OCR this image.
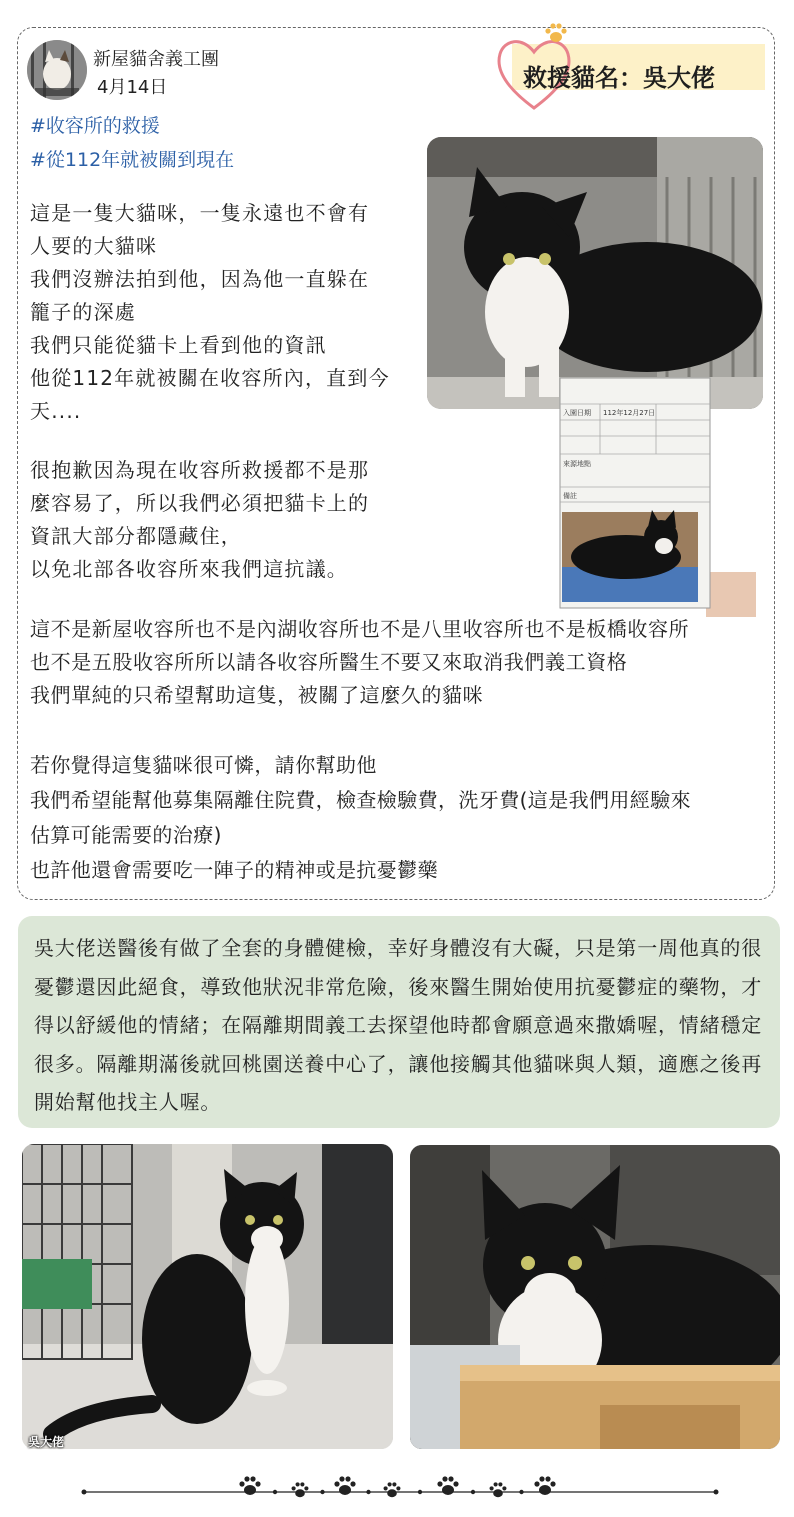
新屋貓舍義工團
4月14日
#收容所的救援
#從112年就被關到現在
救援貓名：吳大佬
這是一隻大貓咪，一隻永遠也不會有
人要的大貓咪
我們沒辦法拍到他，因為他一直躲在
籠子的深處
我們只能從貓卡上看到他的資訊
他從112年就被關在收容所內，直到今
天....
很抱歉因為現在收容所救援都不是那
麼容易了，所以我們必須把貓卡上的
資訊大部分都隱藏住，
以免北部各收容所來我們這抗議。
這不是新屋收容所也不是內湖收容所也不是八里收容所也不是板橋收容所
也不是五股收容所所以請各收容所醫生不要又來取消我們義工資格
我們單純的只希望幫助這隻，被關了這麼久的貓咪
若你覺得這隻貓咪很可憐，請你幫助他
我們希望能幫他募集隔離住院費，檢查檢驗費，洗牙費(這是我們用經驗來
估算可能需要的治療)
也許他還會需要吃一陣子的精神或是抗憂鬱藥
入園日期 112年12月27日
來源地點
備註
吳大佬送醫後有做了全套的身體健檢，幸好身體沒有大礙，只是第一周他真的很憂鬱還因此絕食，導致他狀況非常危險，後來醫生開始使用抗憂鬱症的藥物，才得以舒緩他的情緒；在隔離期間義工去探望他時都會願意過來撒嬌喔，情緒穩定很多。隔離期滿後就回桃園送養中心了，讓他接觸其他貓咪與人類，適應之後再開始幫他找主人喔。
吳大佬
